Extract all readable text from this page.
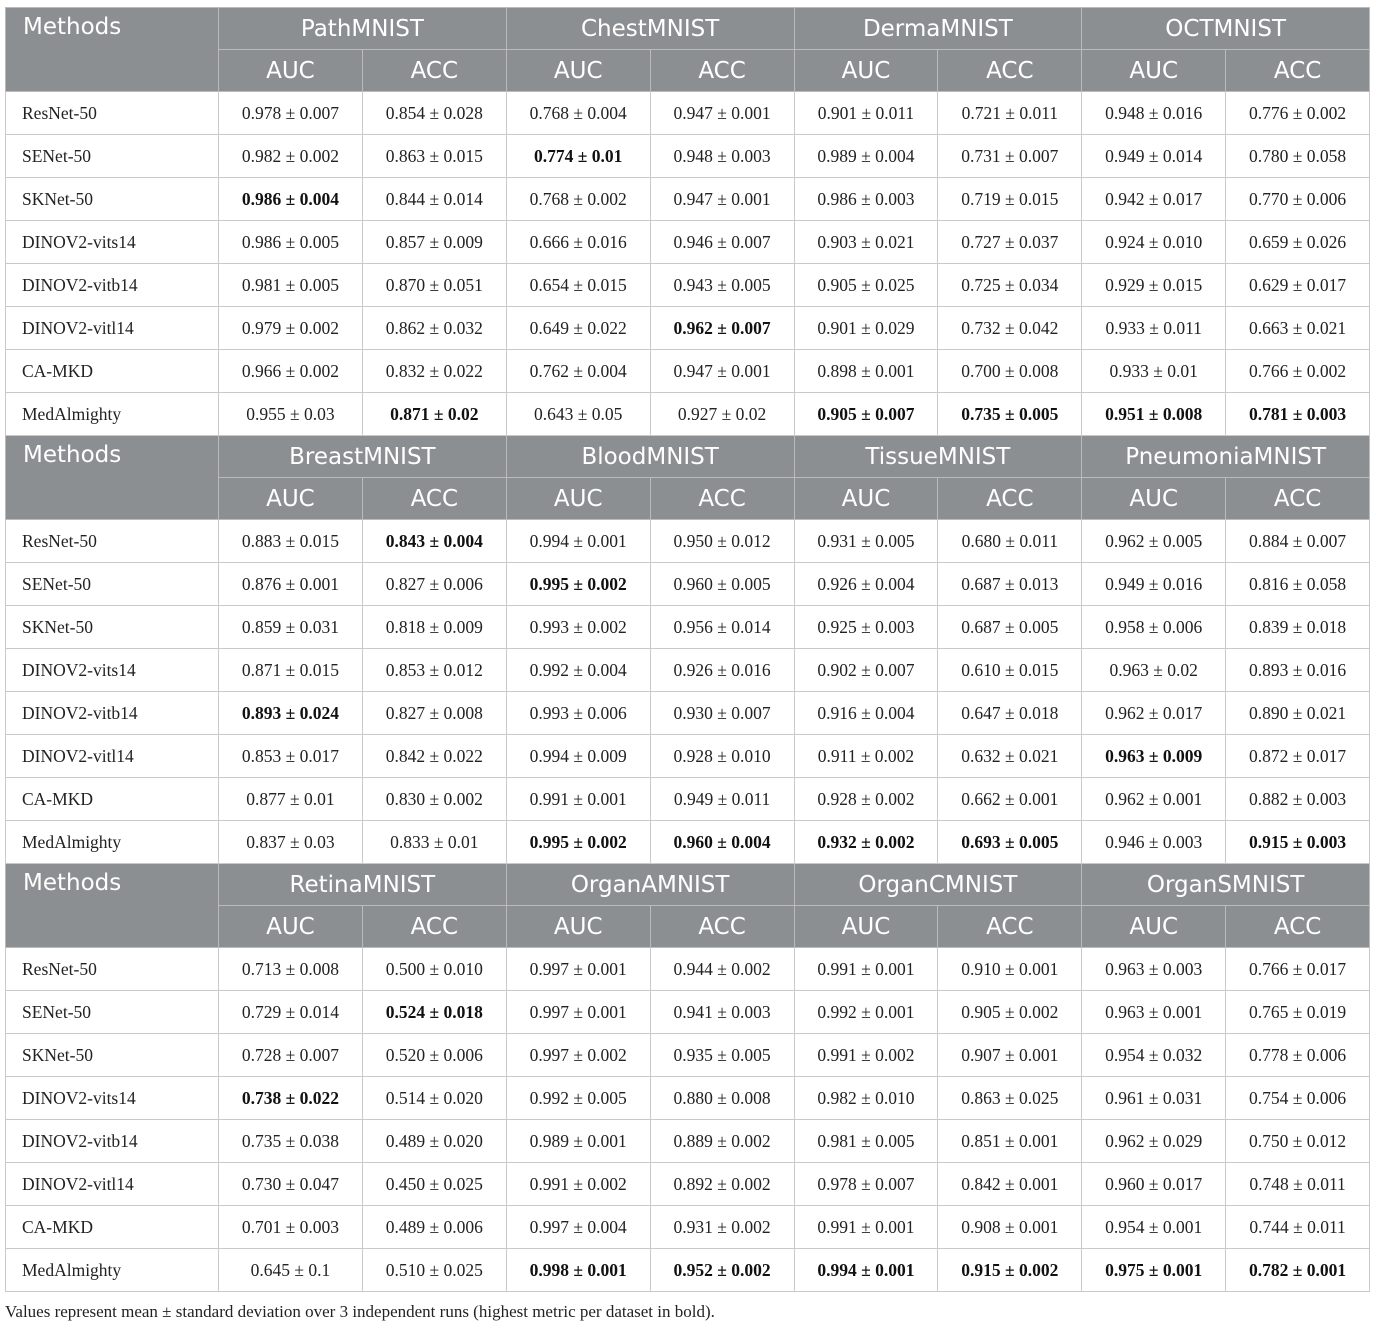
Methods	PathMNIST		ChestMNIST		DermaMNIST		OCTMNIST	
	AUC	ACC	AUC	ACC	AUC	ACC	AUC	ACC
ResNet-50	0.978 ± 0.007	0.854 ± 0.028	0.768 ± 0.004	0.947 ± 0.001	0.901 ± 0.011	0.721 ± 0.011	0.948 ± 0.016	0.776 ± 0.002
SENet-50	0.982 ± 0.002	0.863 ± 0.015	0.774 ± 0.01	0.948 ± 0.003	0.989 ± 0.004	0.731 ± 0.007	0.949 ± 0.014	0.780 ± 0.058
SKNet-50	0.986 ± 0.004	0.844 ± 0.014	0.768 ± 0.002	0.947 ± 0.001	0.986 ± 0.003	0.719 ± 0.015	0.942 ± 0.017	0.770 ± 0.006
DINOV2-vits14	0.986 ± 0.005	0.857 ± 0.009	0.666 ± 0.016	0.946 ± 0.007	0.903 ± 0.021	0.727 ± 0.037	0.924 ± 0.010	0.659 ± 0.026
DINOV2-vitb14	0.981 ± 0.005	0.870 ± 0.051	0.654 ± 0.015	0.943 ± 0.005	0.905 ± 0.025	0.725 ± 0.034	0.929 ± 0.015	0.629 ± 0.017
DINOV2-vitl14	0.979 ± 0.002	0.862 ± 0.032	0.649 ± 0.022	0.962 ± 0.007	0.901 ± 0.029	0.732 ± 0.042	0.933 ± 0.011	0.663 ± 0.021
CA-MKD	0.966 ± 0.002	0.832 ± 0.022	0.762 ± 0.004	0.947 ± 0.001	0.898 ± 0.001	0.700 ± 0.008	0.933 ± 0.01	0.766 ± 0.002
MedAlmighty	0.955 ± 0.03	0.871 ± 0.02	0.643 ± 0.05	0.927 ± 0.02	0.905 ± 0.007	0.735 ± 0.005	0.951 ± 0.008	0.781 ± 0.003
Methods	BreastMNIST		BloodMNIST		TissueMNIST		PneumoniaMNIST	
	AUC	ACC	AUC	ACC	AUC	ACC	AUC	ACC
ResNet-50	0.883 ± 0.015	0.843 ± 0.004	0.994 ± 0.001	0.950 ± 0.012	0.931 ± 0.005	0.680 ± 0.011	0.962 ± 0.005	0.884 ± 0.007
SENet-50	0.876 ± 0.001	0.827 ± 0.006	0.995 ± 0.002	0.960 ± 0.005	0.926 ± 0.004	0.687 ± 0.013	0.949 ± 0.016	0.816 ± 0.058
SKNet-50	0.859 ± 0.031	0.818 ± 0.009	0.993 ± 0.002	0.956 ± 0.014	0.925 ± 0.003	0.687 ± 0.005	0.958 ± 0.006	0.839 ± 0.018
DINOV2-vits14	0.871 ± 0.015	0.853 ± 0.012	0.992 ± 0.004	0.926 ± 0.016	0.902 ± 0.007	0.610 ± 0.015	0.963 ± 0.02	0.893 ± 0.016
DINOV2-vitb14	0.893 ± 0.024	0.827 ± 0.008	0.993 ± 0.006	0.930 ± 0.007	0.916 ± 0.004	0.647 ± 0.018	0.962 ± 0.017	0.890 ± 0.021
DINOV2-vitl14	0.853 ± 0.017	0.842 ± 0.022	0.994 ± 0.009	0.928 ± 0.010	0.911 ± 0.002	0.632 ± 0.021	0.963 ± 0.009	0.872 ± 0.017
CA-MKD	0.877 ± 0.01	0.830 ± 0.002	0.991 ± 0.001	0.949 ± 0.011	0.928 ± 0.002	0.662 ± 0.001	0.962 ± 0.001	0.882 ± 0.003
MedAlmighty	0.837 ± 0.03	0.833 ± 0.01	0.995 ± 0.002	0.960 ± 0.004	0.932 ± 0.002	0.693 ± 0.005	0.946 ± 0.003	0.915 ± 0.003
Methods	RetinaMNIST		OrganAMNIST		OrganCMNIST		OrganSMNIST	
	AUC	ACC	AUC	ACC	AUC	ACC	AUC	ACC
ResNet-50	0.713 ± 0.008	0.500 ± 0.010	0.997 ± 0.001	0.944 ± 0.002	0.991 ± 0.001	0.910 ± 0.001	0.963 ± 0.003	0.766 ± 0.017
SENet-50	0.729 ± 0.014	0.524 ± 0.018	0.997 ± 0.001	0.941 ± 0.003	0.992 ± 0.001	0.905 ± 0.002	0.963 ± 0.001	0.765 ± 0.019
SKNet-50	0.728 ± 0.007	0.520 ± 0.006	0.997 ± 0.002	0.935 ± 0.005	0.991 ± 0.002	0.907 ± 0.001	0.954 ± 0.032	0.778 ± 0.006
DINOV2-vits14	0.738 ± 0.022	0.514 ± 0.020	0.992 ± 0.005	0.880 ± 0.008	0.982 ± 0.010	0.863 ± 0.025	0.961 ± 0.031	0.754 ± 0.006
DINOV2-vitb14	0.735 ± 0.038	0.489 ± 0.020	0.989 ± 0.001	0.889 ± 0.002	0.981 ± 0.005	0.851 ± 0.001	0.962 ± 0.029	0.750 ± 0.012
DINOV2-vitl14	0.730 ± 0.047	0.450 ± 0.025	0.991 ± 0.002	0.892 ± 0.002	0.978 ± 0.007	0.842 ± 0.001	0.960 ± 0.017	0.748 ± 0.011
CA-MKD	0.701 ± 0.003	0.489 ± 0.006	0.997 ± 0.004	0.931 ± 0.002	0.991 ± 0.001	0.908 ± 0.001	0.954 ± 0.001	0.744 ± 0.011
MedAlmighty	0.645 ± 0.1	0.510 ± 0.025	0.998 ± 0.001	0.952 ± 0.002	0.994 ± 0.001	0.915 ± 0.002	0.975 ± 0.001	0.782 ± 0.001
Values represent mean ± standard deviation over 3 independent runs (highest metric per dataset in bold).
